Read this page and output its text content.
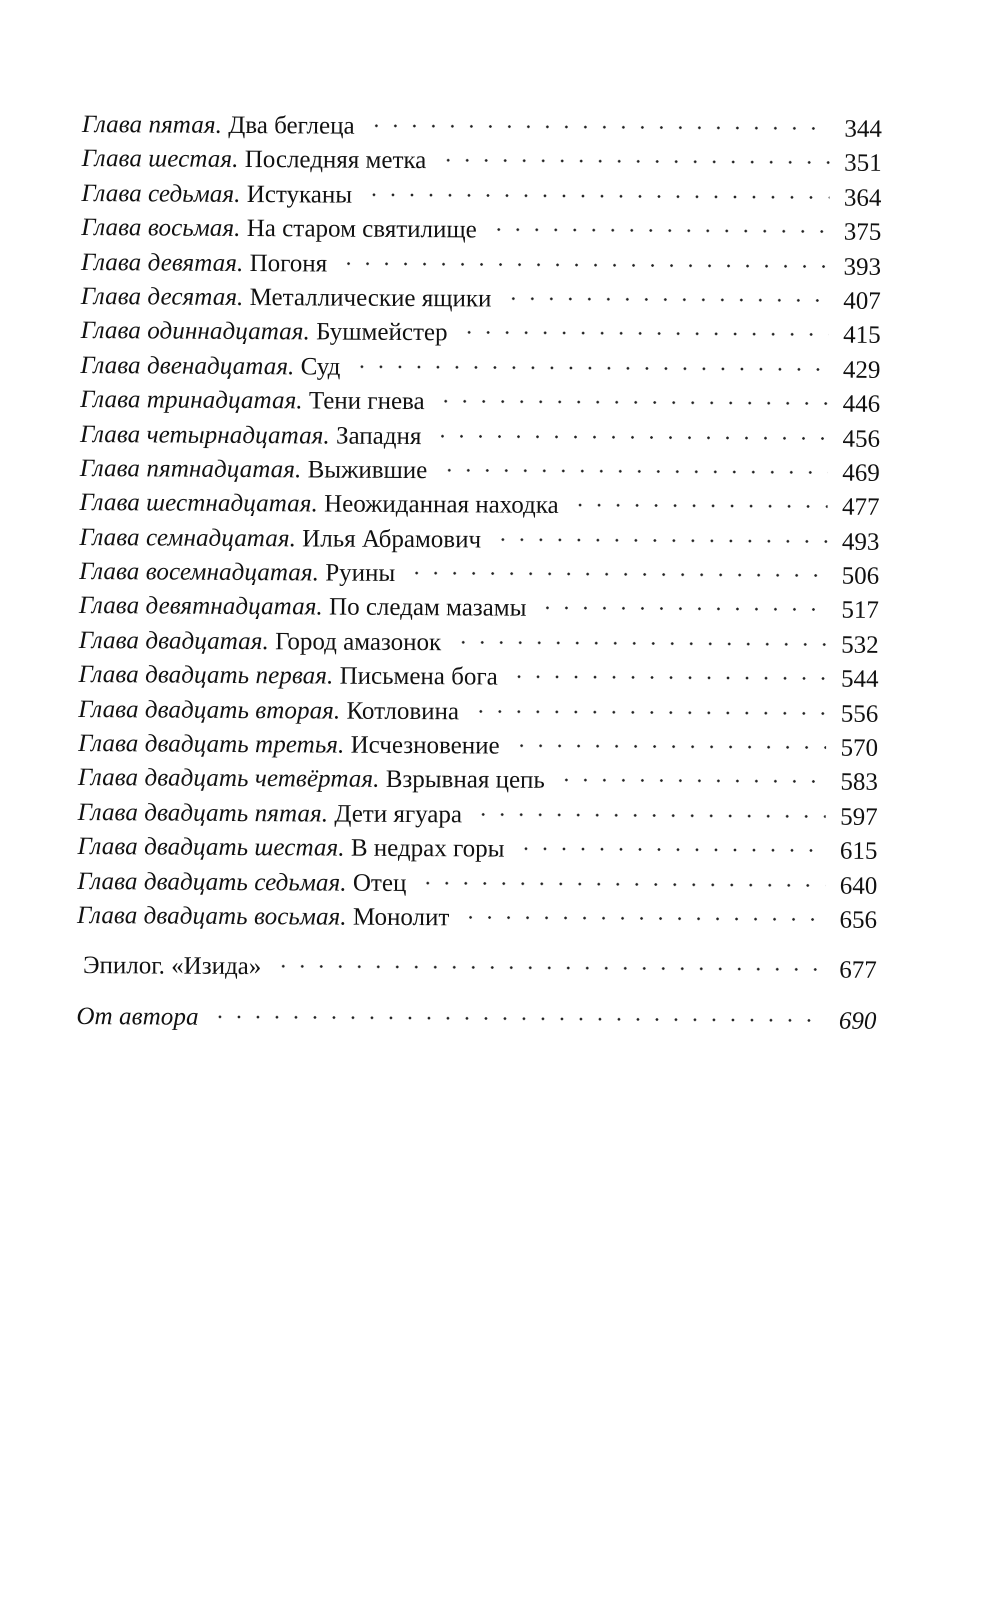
Глава пятая. Два беглеца	344
Глава шестая. Последняя метка	351
Глава седьмая. Истуканы	364
Глава восьмая. На старом святилище	375
Глава девятая. Погоня	393
Глава десятая. Металлические ящики	407
Глава одиннадцатая. Бушмейстер	415
Глава двенадцатая. Суд	429
Глава тринадцатая. Тени гнева	446
Глава четырнадцатая. Западня	456
Глава пятнадцатая. Выжившие	469
Глава шестнадцатая. Неожиданная находка	477
Глава семнадцатая. Илья Абрамович	493
Глава восемнадцатая. Руины	506
Глава девятнадцатая. По следам мазамы	517
Глава двадцатая. Город амазонок	532
Глава двадцать первая. Письмена бога	544
Глава двадцать вторая. Котловина	556
Глава двадцать третья. Исчезновение	570
Глава двадцать четвёртая. Взрывная цепь	583
Глава двадцать пятая. Дети ягуара	597
Глава двадцать шестая. В недрах горы	615
Глава двадцать седьмая. Отец	640
Глава двадцать восьмая. Монолит	656
Эпилог. «Изида»	677
От автора	690
